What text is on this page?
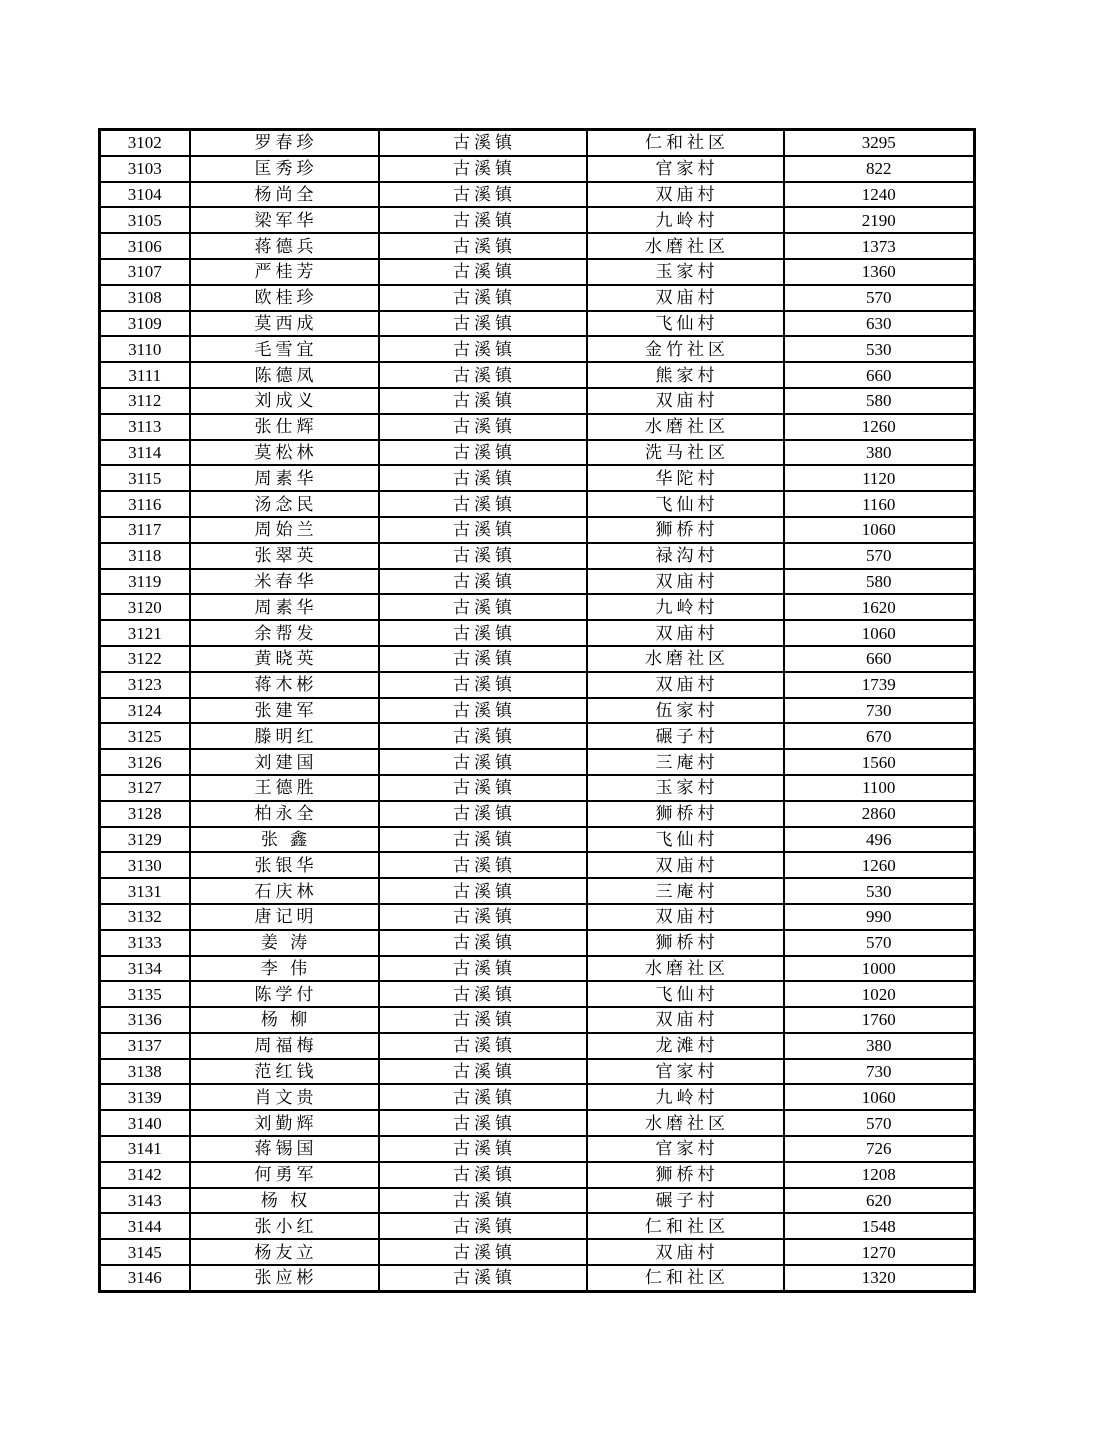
3102	罗春珍	古溪镇	仁和社区	3295
3103	匡秀珍	古溪镇	官家村	822
3104	杨尚全	古溪镇	双庙村	1240
3105	梁军华	古溪镇	九岭村	2190
3106	蒋德兵	古溪镇	水磨社区	1373
3107	严桂芳	古溪镇	玉家村	1360
3108	欧桂珍	古溪镇	双庙村	570
3109	莫西成	古溪镇	飞仙村	630
3110	毛雪宜	古溪镇	金竹社区	530
3111	陈德凤	古溪镇	熊家村	660
3112	刘成义	古溪镇	双庙村	580
3113	张仕辉	古溪镇	水磨社区	1260
3114	莫松林	古溪镇	洗马社区	380
3115	周素华	古溪镇	华陀村	1120
3116	汤念民	古溪镇	飞仙村	1160
3117	周始兰	古溪镇	狮桥村	1060
3118	张翠英	古溪镇	禄沟村	570
3119	米春华	古溪镇	双庙村	580
3120	周素华	古溪镇	九岭村	1620
3121	余帮发	古溪镇	双庙村	1060
3122	黄晓英	古溪镇	水磨社区	660
3123	蒋木彬	古溪镇	双庙村	1739
3124	张建军	古溪镇	伍家村	730
3125	滕明红	古溪镇	碾子村	670
3126	刘建国	古溪镇	三庵村	1560
3127	王德胜	古溪镇	玉家村	1100
3128	柏永全	古溪镇	狮桥村	2860
3129	张 鑫	古溪镇	飞仙村	496
3130	张银华	古溪镇	双庙村	1260
3131	石庆林	古溪镇	三庵村	530
3132	唐记明	古溪镇	双庙村	990
3133	姜 涛	古溪镇	狮桥村	570
3134	李 伟	古溪镇	水磨社区	1000
3135	陈学付	古溪镇	飞仙村	1020
3136	杨 柳	古溪镇	双庙村	1760
3137	周福梅	古溪镇	龙滩村	380
3138	范红钱	古溪镇	官家村	730
3139	肖文贵	古溪镇	九岭村	1060
3140	刘勤辉	古溪镇	水磨社区	570
3141	蒋锡国	古溪镇	官家村	726
3142	何勇军	古溪镇	狮桥村	1208
3143	杨 权	古溪镇	碾子村	620
3144	张小红	古溪镇	仁和社区	1548
3145	杨友立	古溪镇	双庙村	1270
3146	张应彬	古溪镇	仁和社区	1320
